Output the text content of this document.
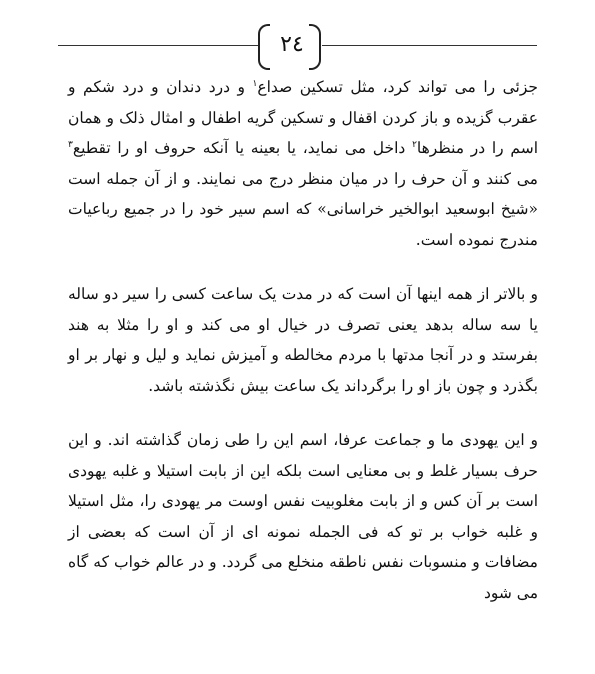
٢٤

جزئی را می تواند کرد، مثل تسکین صداع$^١$ و درد دندان و درد شکم و عقرب گزیده و باز کردن اقفال و تسکین گریه اطفال و امثال ذلک و همان اسم را در منظرها$^٢$ داخل می نماید، یا بعینه یا آنکه حروف او را تقطیع$^٣$ می کنند و آن حرف را در میان منظر درج می نمایند. و از آن جمله است «شیخ ابوسعید ابوالخیر خراسانی» که اسم سیر خود را در جمیع رباعیات مندرج نموده است.

و بالاتر از همه اینها آن است که در مدت یک ساعت کسی را سیر دو ساله یا سه ساله بدهد یعنی تصرف در خیال او می کند و او را مثلا به هند بفرستد و در آنجا مدتها با مردم مخالطه و آمیزش نماید و لیل و نهار بر او بگذرد و چون باز او را برگرداند یک ساعت بیش نگذشته باشد.

و این یهودی ما و جماعت عرفا، اسم این را طی زمان گذاشته اند. و این حرف بسیار غلط و بی معنایی است بلکه این از بابت استیلا و غلبه یهودی است بر آن کس و از بابت مغلوبیت نفس اوست مر یهودی را، مثل استیلا و غلبه خواب بر تو که فی الجمله نمونه ای از آن است که بعضی از مضافات و منسوبات نفس ناطقه منخلع می گردد. و در عالم خواب که گاه می شود
